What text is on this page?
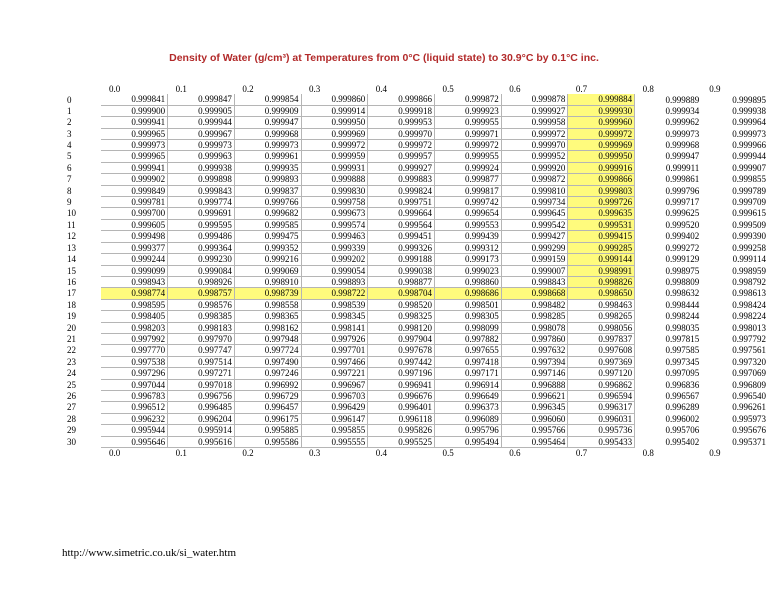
Density of Water (g/cm³) at Temperatures from 0°C (liquid state) to 30.9°C by 0.1°C inc.
	0.0	0.1	0.2	0.3	0.4	0.5	0.6	0.7	0.8	0.9
0	0.999841	0.999847	0.999854	0.999860	0.999866	0.999872	0.999878	0.999884	0.999889	0.999895
1	0.999900	0.999905	0.999909	0.999914	0.999918	0.999923	0.999927	0.999930	0.999934	0.999938
2	0.999941	0.999944	0.999947	0.999950	0.999953	0.999955	0.999958	0.999960	0.999962	0.999964
3	0.999965	0.999967	0.999968	0.999969	0.999970	0.999971	0.999972	0.999972	0.999973	0.999973
4	0.999973	0.999973	0.999973	0.999972	0.999972	0.999972	0.999970	0.999969	0.999968	0.999966
5	0.999965	0.999963	0.999961	0.999959	0.999957	0.999955	0.999952	0.999950	0.999947	0.999944
6	0.999941	0.999938	0.999935	0.999931	0.999927	0.999924	0.999920	0.999916	0.999911	0.999907
7	0.999902	0.999898	0.999893	0.999888	0.999883	0.999877	0.999872	0.999866	0.999861	0.999855
8	0.999849	0.999843	0.999837	0.999830	0.999824	0.999817	0.999810	0.999803	0.999796	0.999789
9	0.999781	0.999774	0.999766	0.999758	0.999751	0.999742	0.999734	0.999726	0.999717	0.999709
10	0.999700	0.999691	0.999682	0.999673	0.999664	0.999654	0.999645	0.999635	0.999625	0.999615
11	0.999605	0.999595	0.999585	0.999574	0.999564	0.999553	0.999542	0.999531	0.999520	0.999509
12	0.999498	0.999486	0.999475	0.999463	0.999451	0.999439	0.999427	0.999415	0.999402	0.999390
13	0.999377	0.999364	0.999352	0.999339	0.999326	0.999312	0.999299	0.999285	0.999272	0.999258
14	0.999244	0.999230	0.999216	0.999202	0.999188	0.999173	0.999159	0.999144	0.999129	0.999114
15	0.999099	0.999084	0.999069	0.999054	0.999038	0.999023	0.999007	0.998991	0.998975	0.998959
16	0.998943	0.998926	0.998910	0.998893	0.998877	0.998860	0.998843	0.998826	0.998809	0.998792
17	0.998774	0.998757	0.998739	0.998722	0.998704	0.998686	0.998668	0.998650	0.998632	0.998613
18	0.998595	0.998576	0.998558	0.998539	0.998520	0.998501	0.998482	0.998463	0.998444	0.998424
19	0.998405	0.998385	0.998365	0.998345	0.998325	0.998305	0.998285	0.998265	0.998244	0.998224
20	0.998203	0.998183	0.998162	0.998141	0.998120	0.998099	0.998078	0.998056	0.998035	0.998013
21	0.997992	0.997970	0.997948	0.997926	0.997904	0.997882	0.997860	0.997837	0.997815	0.997792
22	0.997770	0.997747	0.997724	0.997701	0.997678	0.997655	0.997632	0.997608	0.997585	0.997561
23	0.997538	0.997514	0.997490	0.997466	0.997442	0.997418	0.997394	0.997369	0.997345	0.997320
24	0.997296	0.997271	0.997246	0.997221	0.997196	0.997171	0.997146	0.997120	0.997095	0.997069
25	0.997044	0.997018	0.996992	0.996967	0.996941	0.996914	0.996888	0.996862	0.996836	0.996809
26	0.996783	0.996756	0.996729	0.996703	0.996676	0.996649	0.996621	0.996594	0.996567	0.996540
27	0.996512	0.996485	0.996457	0.996429	0.996401	0.996373	0.996345	0.996317	0.996289	0.996261
28	0.996232	0.996204	0.996175	0.996147	0.996118	0.996089	0.996060	0.996031	0.996002	0.995973
29	0.995944	0.995914	0.995885	0.995855	0.995826	0.995796	0.995766	0.995736	0.995706	0.995676
30	0.995646	0.995616	0.995586	0.995555	0.995525	0.995494	0.995464	0.995433	0.995402	0.995371
	0.0	0.1	0.2	0.3	0.4	0.5	0.6	0.7	0.8	0.9
http://www.simetric.co.uk/si_water.htm
